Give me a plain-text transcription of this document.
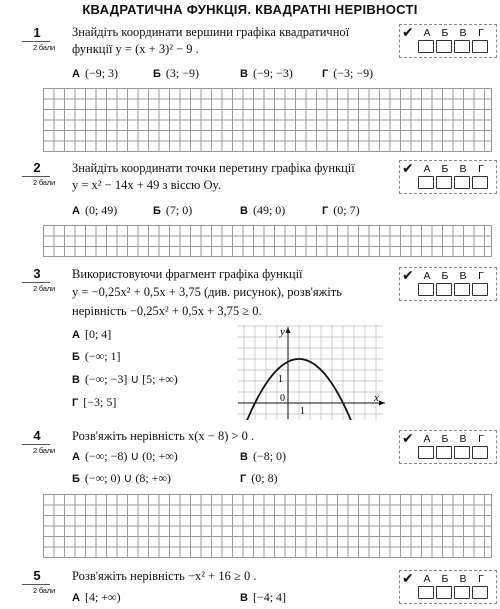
КВАДРАТИЧНА ФУНКЦІЯ. КВАДРАТНІ НЕРІВНОСТІ
1
2 бали
Знайдіть координати вершини графіка квадратичної
функції y = (x + 3)² − 9 .
✔ А Б В Г
А (−9; 3)	Б (3; −9)	В (−9; −3)	Г (−3; −9)
2
2 бали
Знайдіть координати точки перетину графіка функції
y = x² − 14x + 49 з віссю Oy.
✔ А Б В Г
А (0; 49)	Б (7; 0)	В (49; 0)	Г (0; 7)
3
2 бали
Використовуючи фрагмент графіка функції
y = −0,25x² + 0,5x + 3,75 (див. рисунок), розв'яжіть
нерівність −0,25x² + 0,5x + 3,75 ≥ 0.
✔ А Б В Г
А [0; 4]
Б (−∞; 1]
В (−∞; −3] ∪ [5; +∞)
Г [−3; 5]
y
x
0
1
1
4
2 бали
Розв'яжіть нерівність x(x − 8) > 0 .	✔ А Б В Г
А (−∞; −8) ∪ (0; +∞)	В (−8; 0)
Б (−∞; 0) ∪ (8; +∞)	Г (0; 8)
5
2 бали
Розв'яжіть нерівність −x² + 16 ≥ 0 .	✔ А Б В Г
А [4; +∞)	В [−4; 4]
